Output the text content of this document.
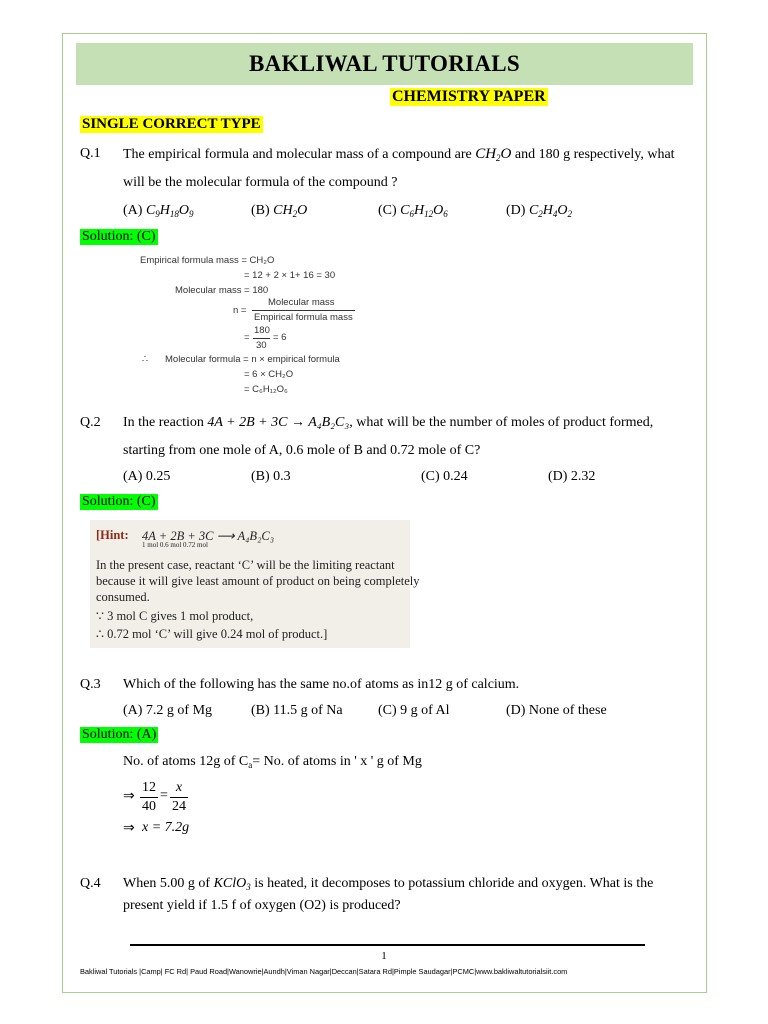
BAKLIWAL TUTORIALS
CHEMISTRY PAPER
SINGLE CORRECT TYPE
Q.1 The empirical formula and molecular mass of a compound are $CH_2O$ and 180 g respectively, what
will be the molecular formula of the compound ?
(A) $C_9H_{18}O_9$	(B) $CH_2O$	(C) $C_6H_{12}O_6$	(D) $C_2H_4O_2$
Solution: (C)
Empirical formula mass = CH₂O
= 12 + 2 × 1+ 16 = 30
Molecular mass = 180
n =
Molecular mass
Empirical formula mass
=
180
30
= 6
∴ Molecular formula = n × empirical formula
= 6 × CH₂O
= C₆H₁₂O₆
Q.2 In the reaction 4A + 2B + 3C → A₄B₂C₃, what will be the number of moles of product formed,
starting from one mole of A, 0.6 mole of B and 0.72 mole of C?
(A) 0.25	(B) 0.3	(C) 0.24	(D) 2.32
Solution: (C)
[Hint: 4A + 2B + 3C ⟶ A₄B₂C₃
1 mol 0.6 mol 0.72 mol
In the present case, reactant ‘C’ will be the limiting reactant
because it will give least amount of product on being completely
consumed.
∵ 3 mol C gives 1 mol product,
∴ 0.72 mol ‘C’ will give 0.24 mol of product.]
Q.3 Which of the following has the same no.of atoms as in12 g of calcium.
(A) 7.2 g of Mg	(B) 11.5 g of Na	(C) 9 g of Al	(D) None of these
Solution: (A)
No. of atoms 12g of $C_a= No$. of atoms in ' x ' g of Mg
⇒
12
40
=
x
24
⇒ x = 7.2g
Q.4 When 5.00 g of KClO$_3$ is heated, it decomposes to potassium chloride and oxygen. What is the
present yield if 1.5 f of oxygen (O2) is produced?
1
Bakliwal Tutorials |Camp| FC Rd| Paud Road|Wanowrie|Aundh|Viman Nagar|Deccan|Satara Rd|Pimple Saudagar|PCMC|www.bakliwaltutorialsiit.com
